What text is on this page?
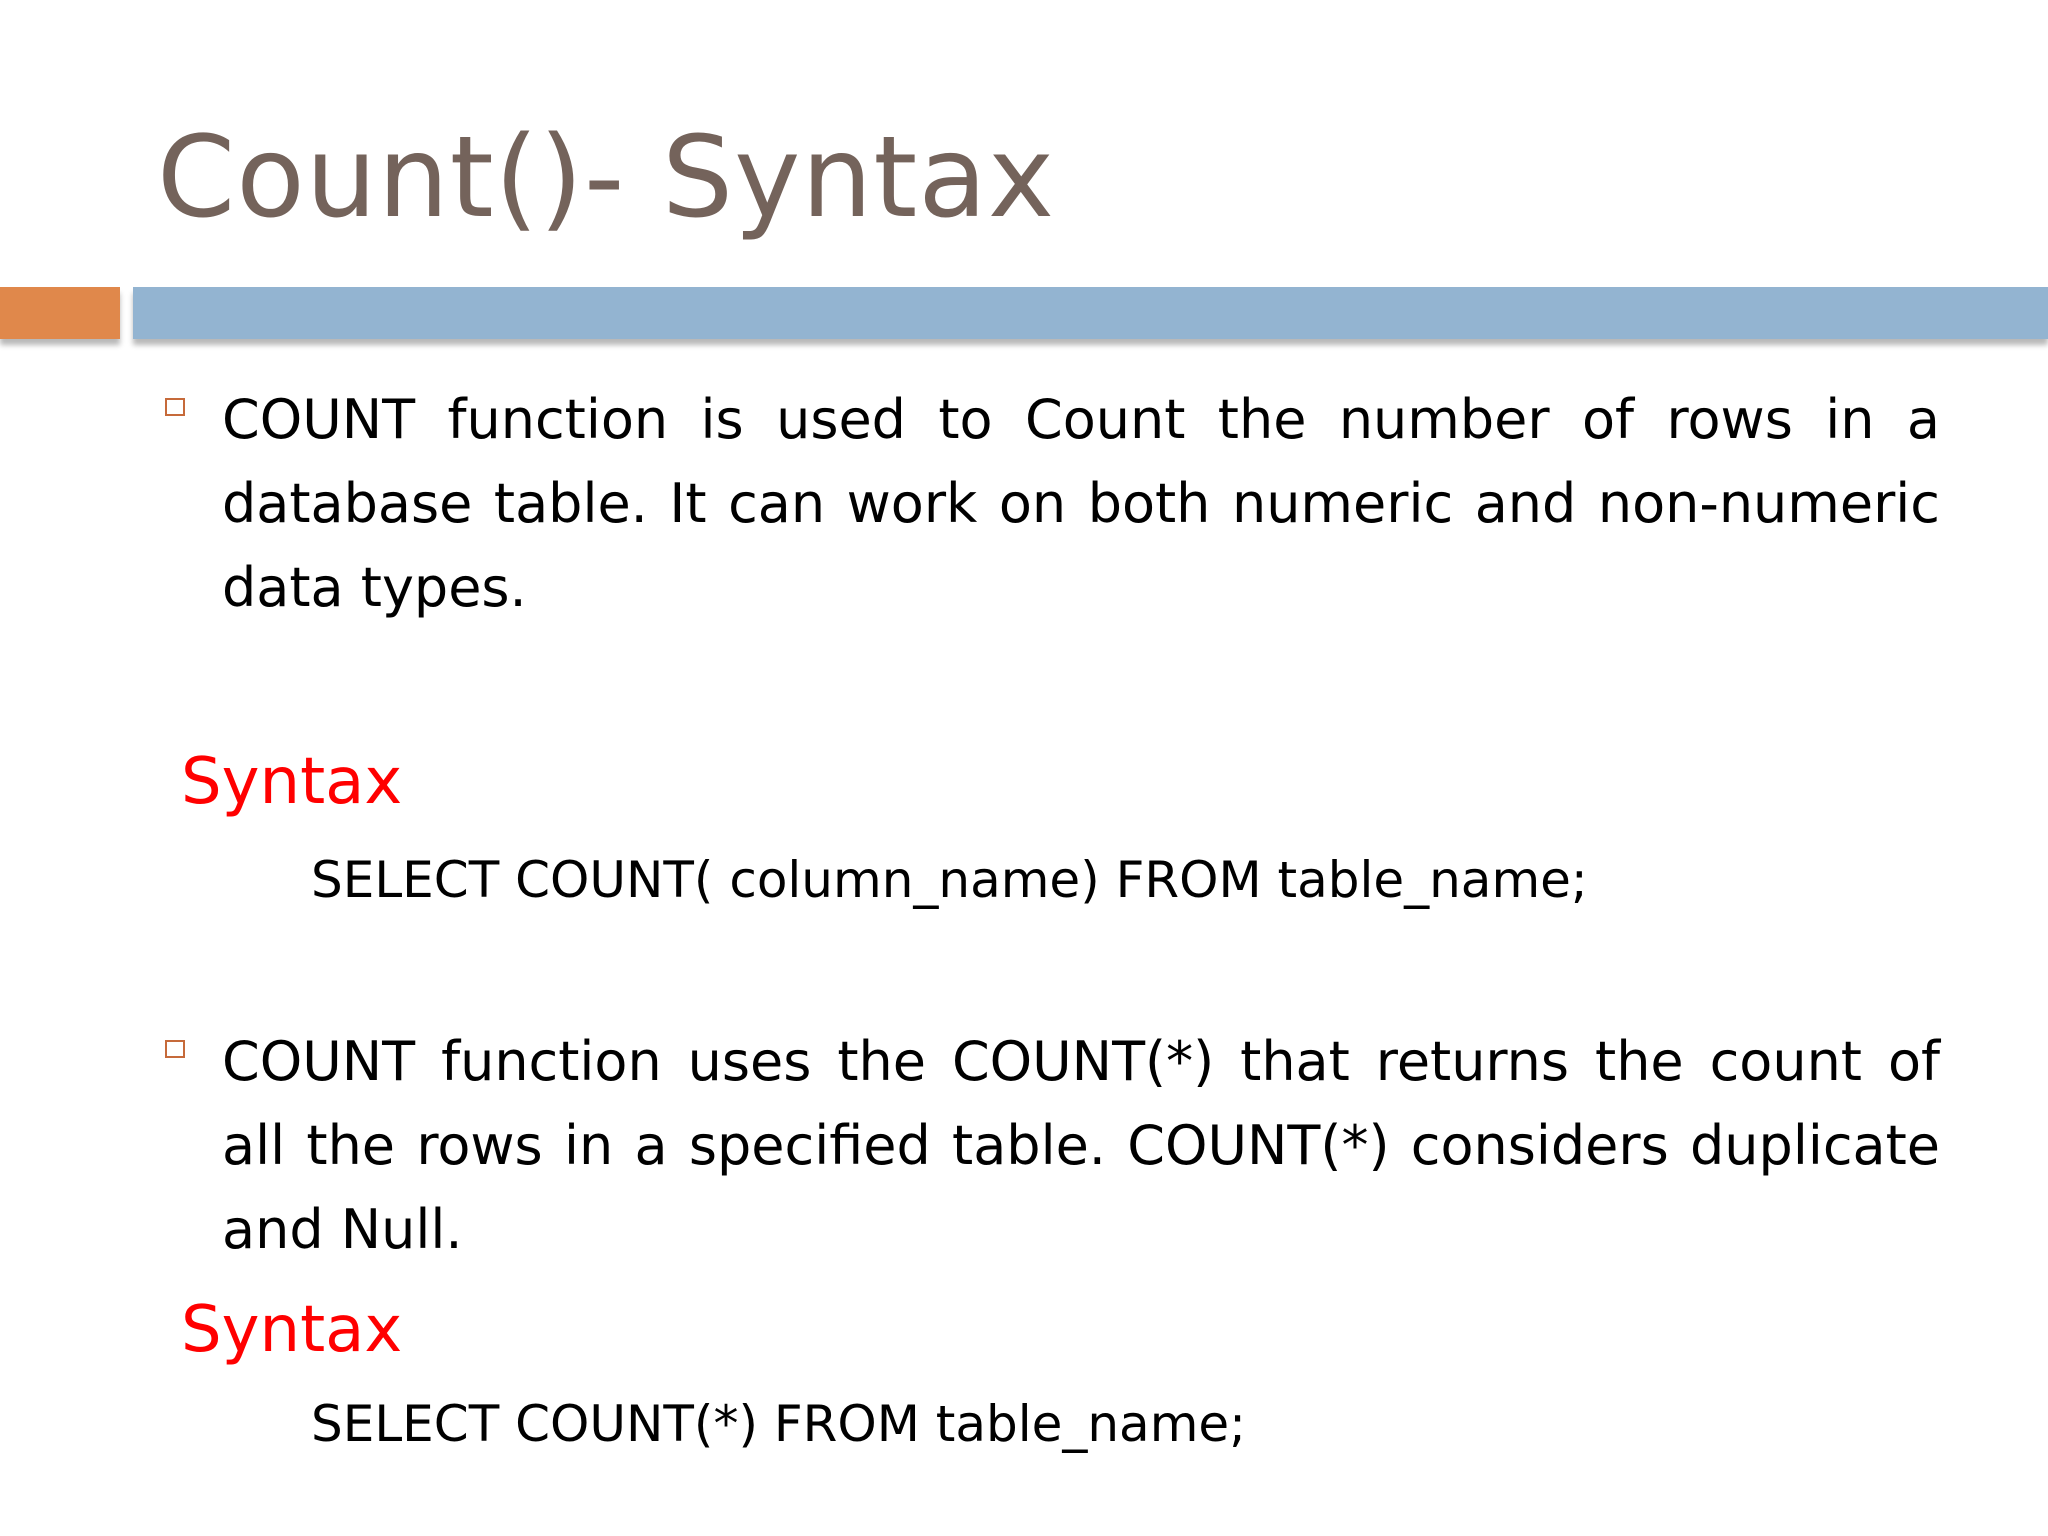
Count()- Syntax
COUNT function is used to Count the number of rows in a database table. It can work on both numeric and non-numeric data types.
Syntax
SELECT COUNT( column_name) FROM table_name;
COUNT function uses the COUNT(*) that returns the count of all the rows in a specified table. COUNT(*) considers duplicate and Null.
Syntax
SELECT COUNT(*) FROM table_name;
